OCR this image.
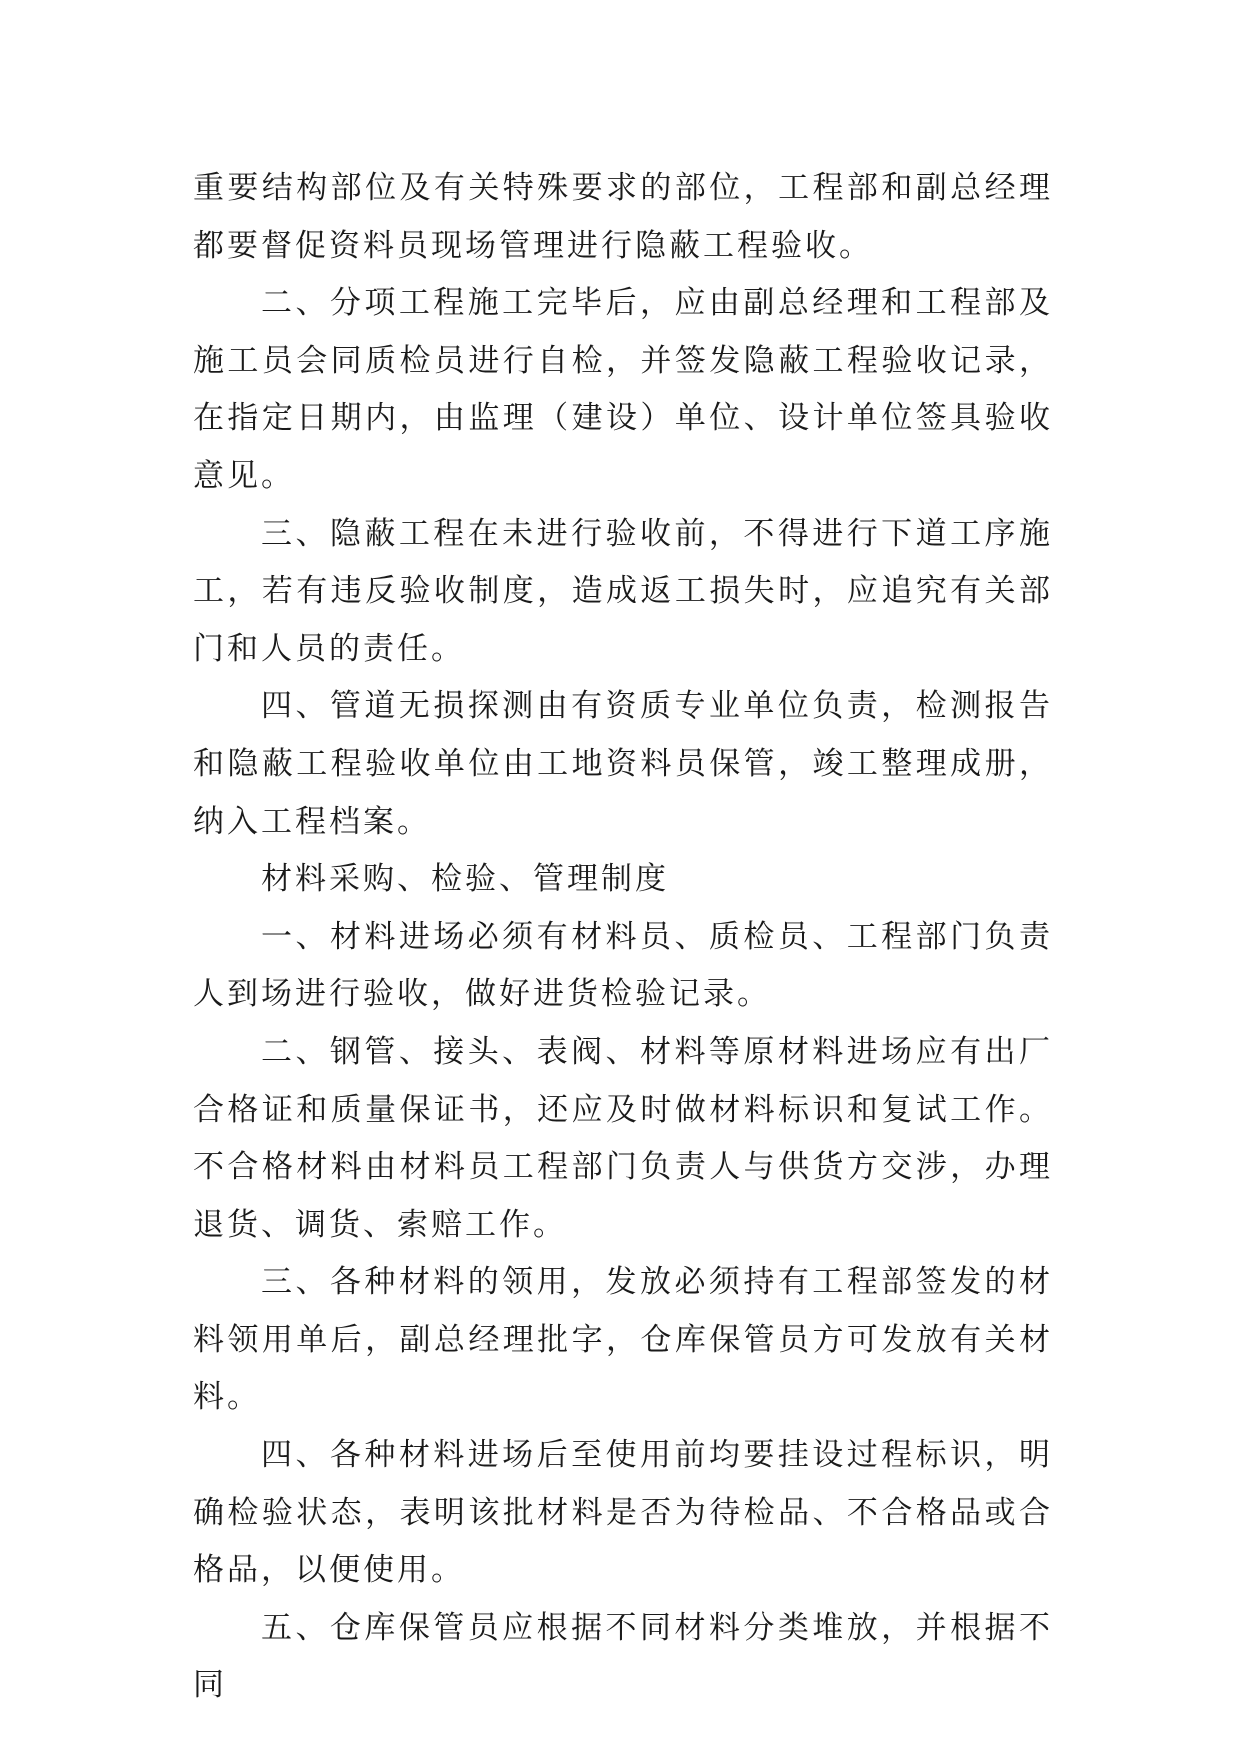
重要结构部位及有关特殊要求的部位，工程部和副总经理都要督促资料员现场管理进行隐蔽工程验收。

二、分项工程施工完毕后，应由副总经理和工程部及施工员会同质检员进行自检，并签发隐蔽工程验收记录，在指定日期内，由监理（建设）单位、设计单位签具验收意见。

三、隐蔽工程在未进行验收前，不得进行下道工序施工，若有违反验收制度，造成返工损失时，应追究有关部门和人员的责任。

四、管道无损探测由有资质专业单位负责，检测报告和隐蔽工程验收单位由工地资料员保管，竣工整理成册，纳入工程档案。

材料采购、检验、管理制度

一、材料进场必须有材料员、质检员、工程部门负责人到场进行验收，做好进货检验记录。

二、钢管、接头、表阀、材料等原材料进场应有出厂合格证和质量保证书，还应及时做材料标识和复试工作。不合格材料由材料员工程部门负责人与供货方交涉，办理退货、调货、索赔工作。

三、各种材料的领用，发放必须持有工程部签发的材料领用单后，副总经理批字，仓库保管员方可发放有关材料。

四、各种材料进场后至使用前均要挂设过程标识，明确检验状态，表明该批材料是否为待检品、不合格品或合格品，以便使用。

五、仓库保管员应根据不同材料分类堆放，并根据不同
